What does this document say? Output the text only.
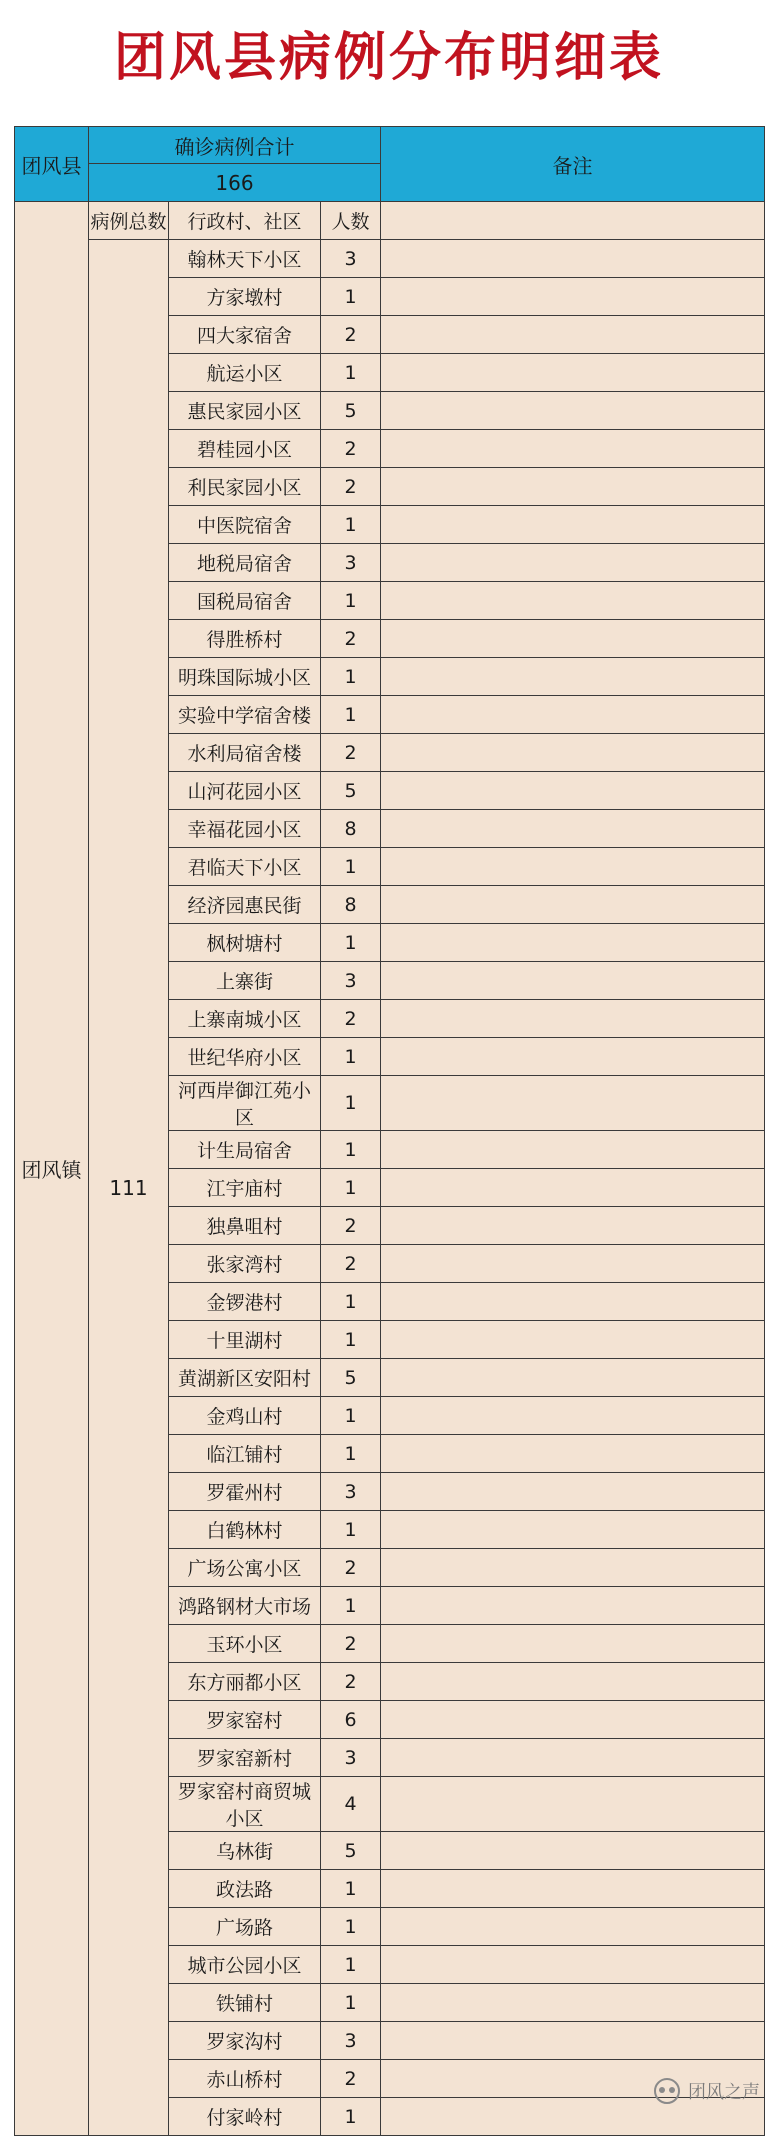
团风县病例分布明细表
团风县	确诊病例合计			备注
	166			
团风镇	病例总数	行政村、社区	人数	
	111	翰林天下小区	3	
		方家墩村	1	
		四大家宿舍	2	
		航运小区	1	
		惠民家园小区	5	
		碧桂园小区	2	
		利民家园小区	2	
		中医院宿舍	1	
		地税局宿舍	3	
		国税局宿舍	1	
		得胜桥村	2	
		明珠国际城小区	1	
		实验中学宿舍楼	1	
		水利局宿舍楼	2	
		山河花园小区	5	
		幸福花园小区	8	
		君临天下小区	1	
		经济园惠民街	8	
		枫树塘村	1	
		上寨街	3	
		上寨南城小区	2	
		世纪华府小区	1	
		河西岸御江苑小区	1	
		计生局宿舍	1	
		江宇庙村	1	
		独鼻咀村	2	
		张家湾村	2	
		金锣港村	1	
		十里湖村	1	
		黄湖新区安阳村	5	
		金鸡山村	1	
		临江铺村	1	
		罗霍州村	3	
		白鹤林村	1	
		广场公寓小区	2	
		鸿路钢材大市场	1	
		玉环小区	2	
		东方丽都小区	2	
		罗家窑村	6	
		罗家窑新村	3	
		罗家窑村商贸城小区	4	
		乌林街	5	
		政法路	1	
		广场路	1	
		城市公园小区	1	
		铁铺村	1	
		罗家沟村	3	
		赤山桥村	2	
		付家岭村	1	
团风之声
